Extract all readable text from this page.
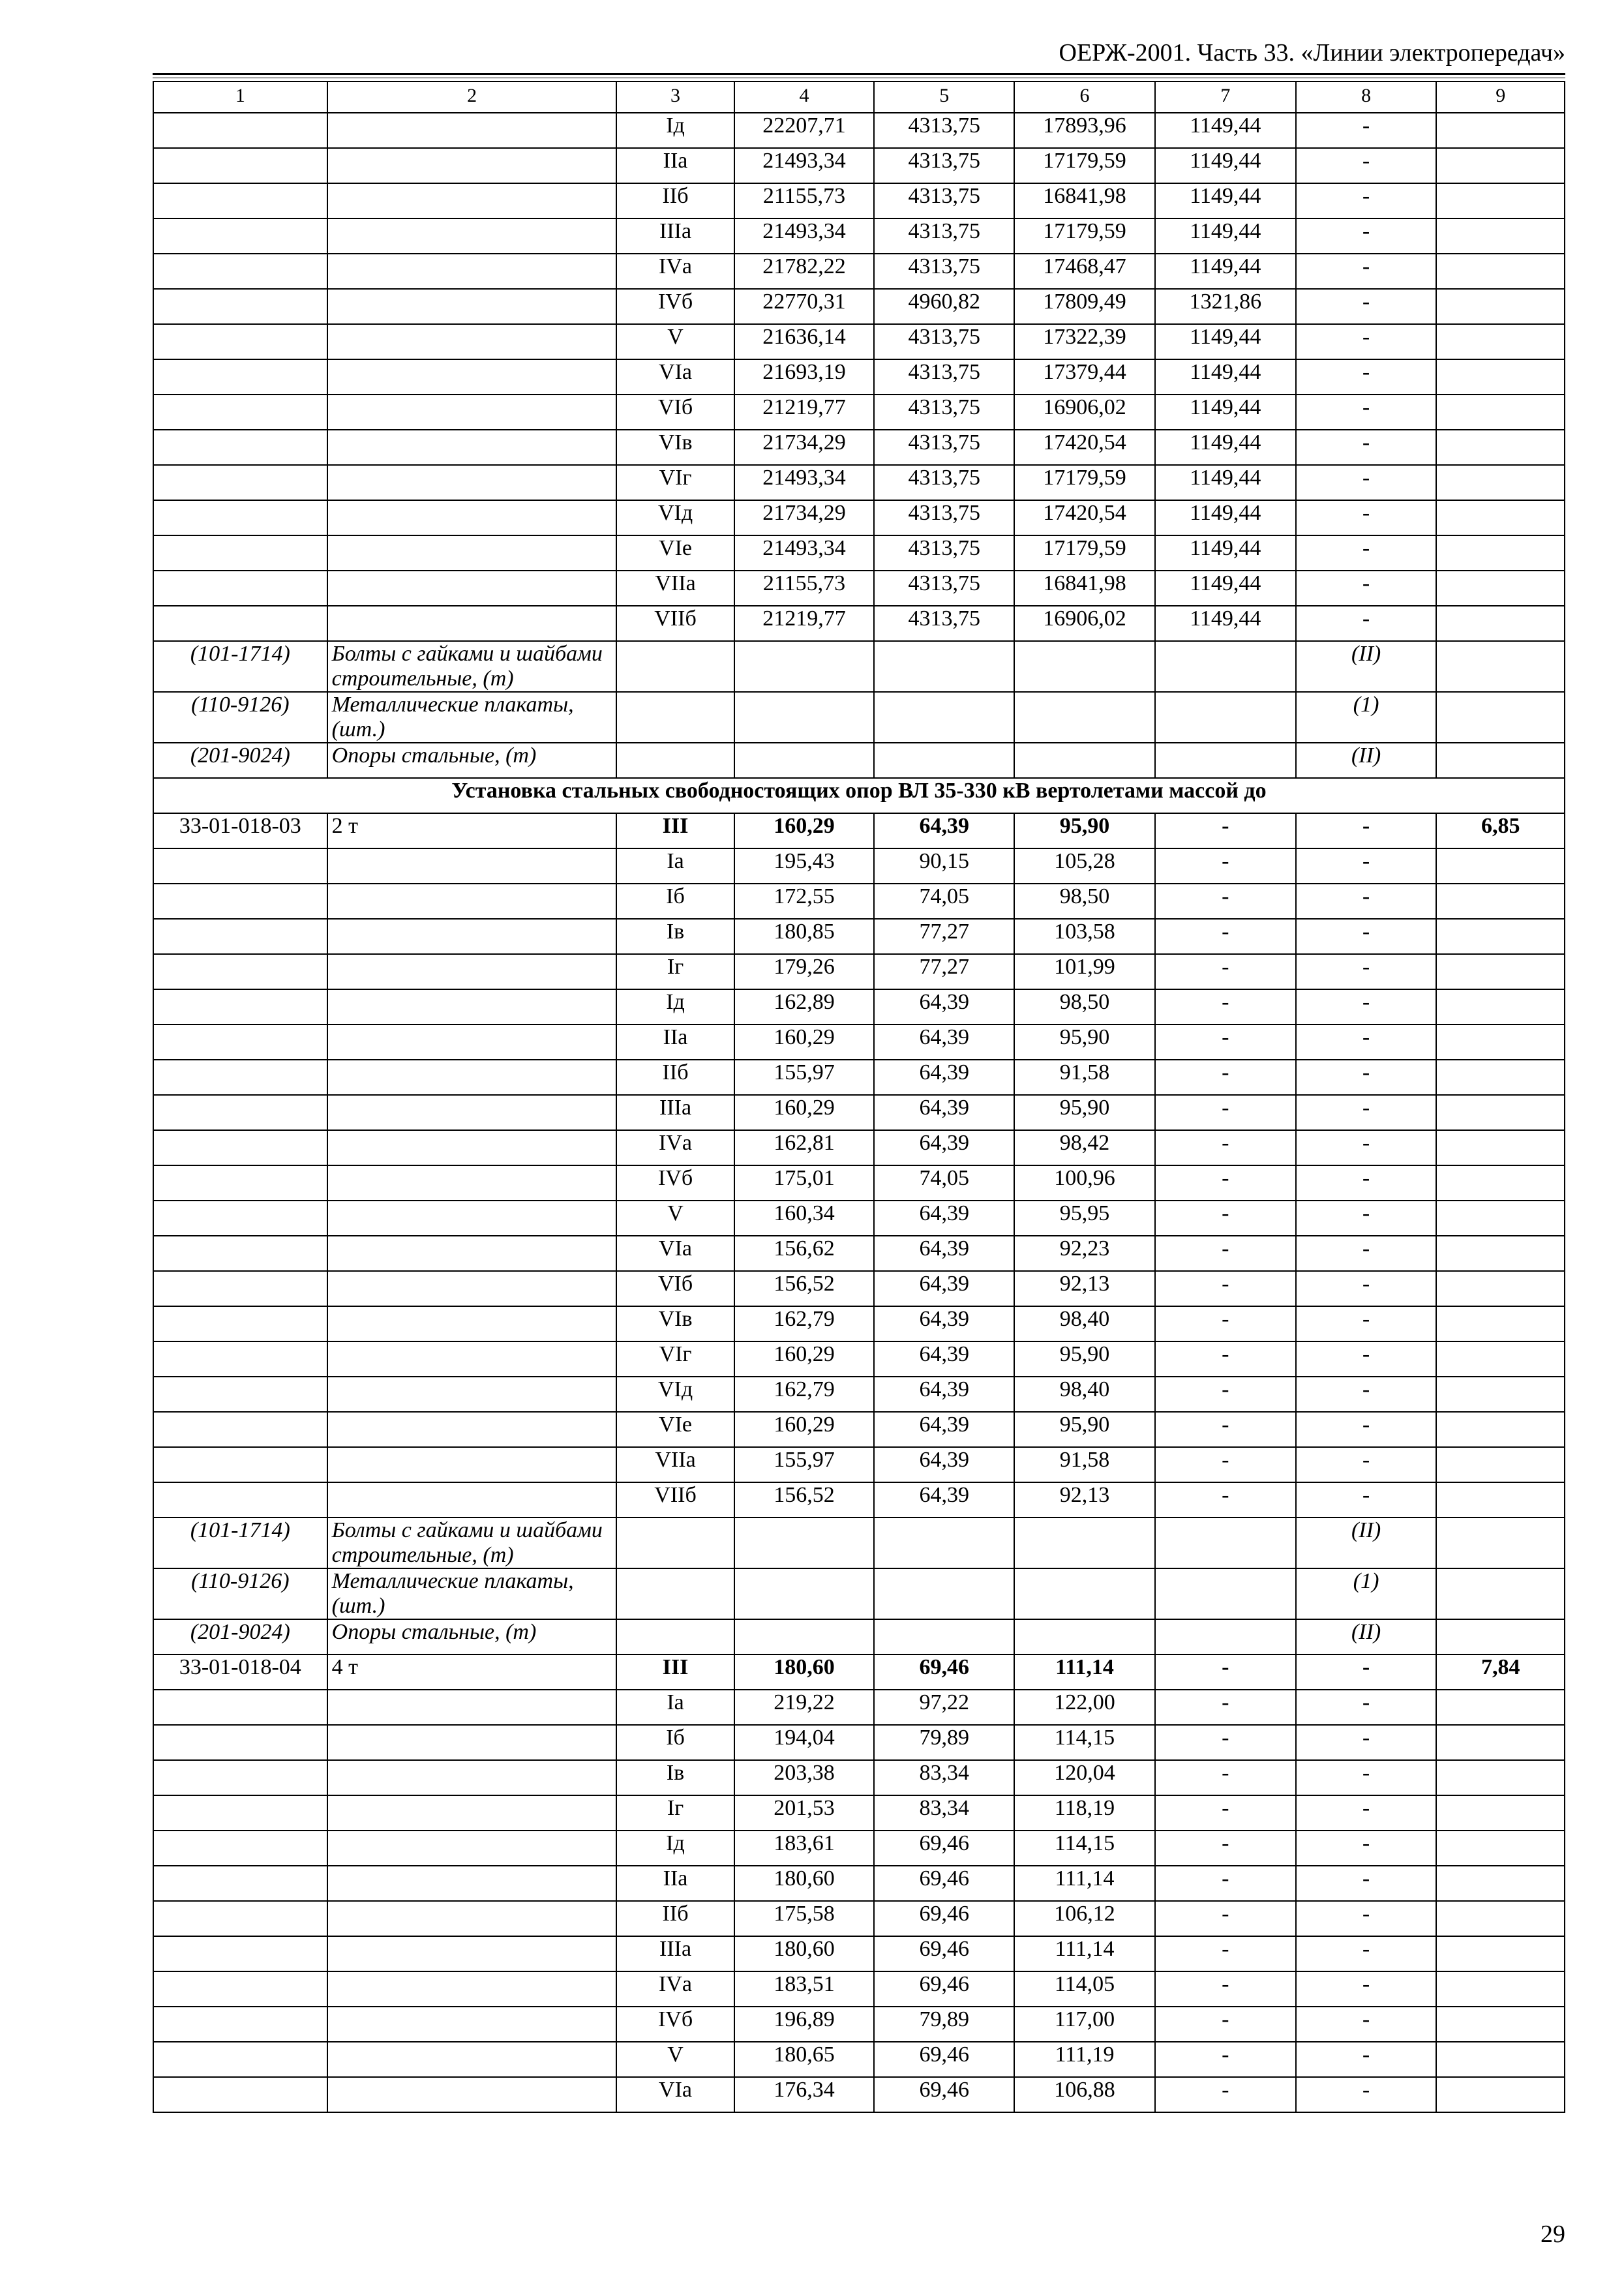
ОЕРЖ-2001. Часть 33. «Линии электропередач»
1	2	3	4	5	6	7	8	9
		Iд	22207,71	4313,75	17893,96	1149,44	-	
		IIа	21493,34	4313,75	17179,59	1149,44	-	
		IIб	21155,73	4313,75	16841,98	1149,44	-	
		IIIа	21493,34	4313,75	17179,59	1149,44	-	
		IVа	21782,22	4313,75	17468,47	1149,44	-	
		IVб	22770,31	4960,82	17809,49	1321,86	-	
		V	21636,14	4313,75	17322,39	1149,44	-	
		VIа	21693,19	4313,75	17379,44	1149,44	-	
		VIб	21219,77	4313,75	16906,02	1149,44	-	
		VIв	21734,29	4313,75	17420,54	1149,44	-	
		VIг	21493,34	4313,75	17179,59	1149,44	-	
		VIд	21734,29	4313,75	17420,54	1149,44	-	
		VIе	21493,34	4313,75	17179,59	1149,44	-	
		VIIа	21155,73	4313,75	16841,98	1149,44	-	
		VIIб	21219,77	4313,75	16906,02	1149,44	-	
(101-1714)	Болты с гайками и шайбами строительные, (т)						(II)	
(110-9126)	Металлические плакаты, (шт.)						(1)	
(201-9024)	Опоры стальные, (т)						(II)	
Установка стальных свободностоящих опор ВЛ 35-330 кВ вертолетами массой до								
33-01-018-03	2 т	III	160,29	64,39	95,90	-	-	6,85
		Iа	195,43	90,15	105,28	-	-	
		Iб	172,55	74,05	98,50	-	-	
		Iв	180,85	77,27	103,58	-	-	
		Iг	179,26	77,27	101,99	-	-	
		Iд	162,89	64,39	98,50	-	-	
		IIа	160,29	64,39	95,90	-	-	
		IIб	155,97	64,39	91,58	-	-	
		IIIа	160,29	64,39	95,90	-	-	
		IVа	162,81	64,39	98,42	-	-	
		IVб	175,01	74,05	100,96	-	-	
		V	160,34	64,39	95,95	-	-	
		VIа	156,62	64,39	92,23	-	-	
		VIб	156,52	64,39	92,13	-	-	
		VIв	162,79	64,39	98,40	-	-	
		VIг	160,29	64,39	95,90	-	-	
		VIд	162,79	64,39	98,40	-	-	
		VIе	160,29	64,39	95,90	-	-	
		VIIа	155,97	64,39	91,58	-	-	
		VIIб	156,52	64,39	92,13	-	-	
(101-1714)	Болты с гайками и шайбами строительные, (т)						(II)	
(110-9126)	Металлические плакаты, (шт.)						(1)	
(201-9024)	Опоры стальные, (т)						(II)	
33-01-018-04	4 т	III	180,60	69,46	111,14	-	-	7,84
		Iа	219,22	97,22	122,00	-	-	
		Iб	194,04	79,89	114,15	-	-	
		Iв	203,38	83,34	120,04	-	-	
		Iг	201,53	83,34	118,19	-	-	
		Iд	183,61	69,46	114,15	-	-	
		IIа	180,60	69,46	111,14	-	-	
		IIб	175,58	69,46	106,12	-	-	
		IIIа	180,60	69,46	111,14	-	-	
		IVа	183,51	69,46	114,05	-	-	
		IVб	196,89	79,89	117,00	-	-	
		V	180,65	69,46	111,19	-	-	
		VIа	176,34	69,46	106,88	-	-	
29
